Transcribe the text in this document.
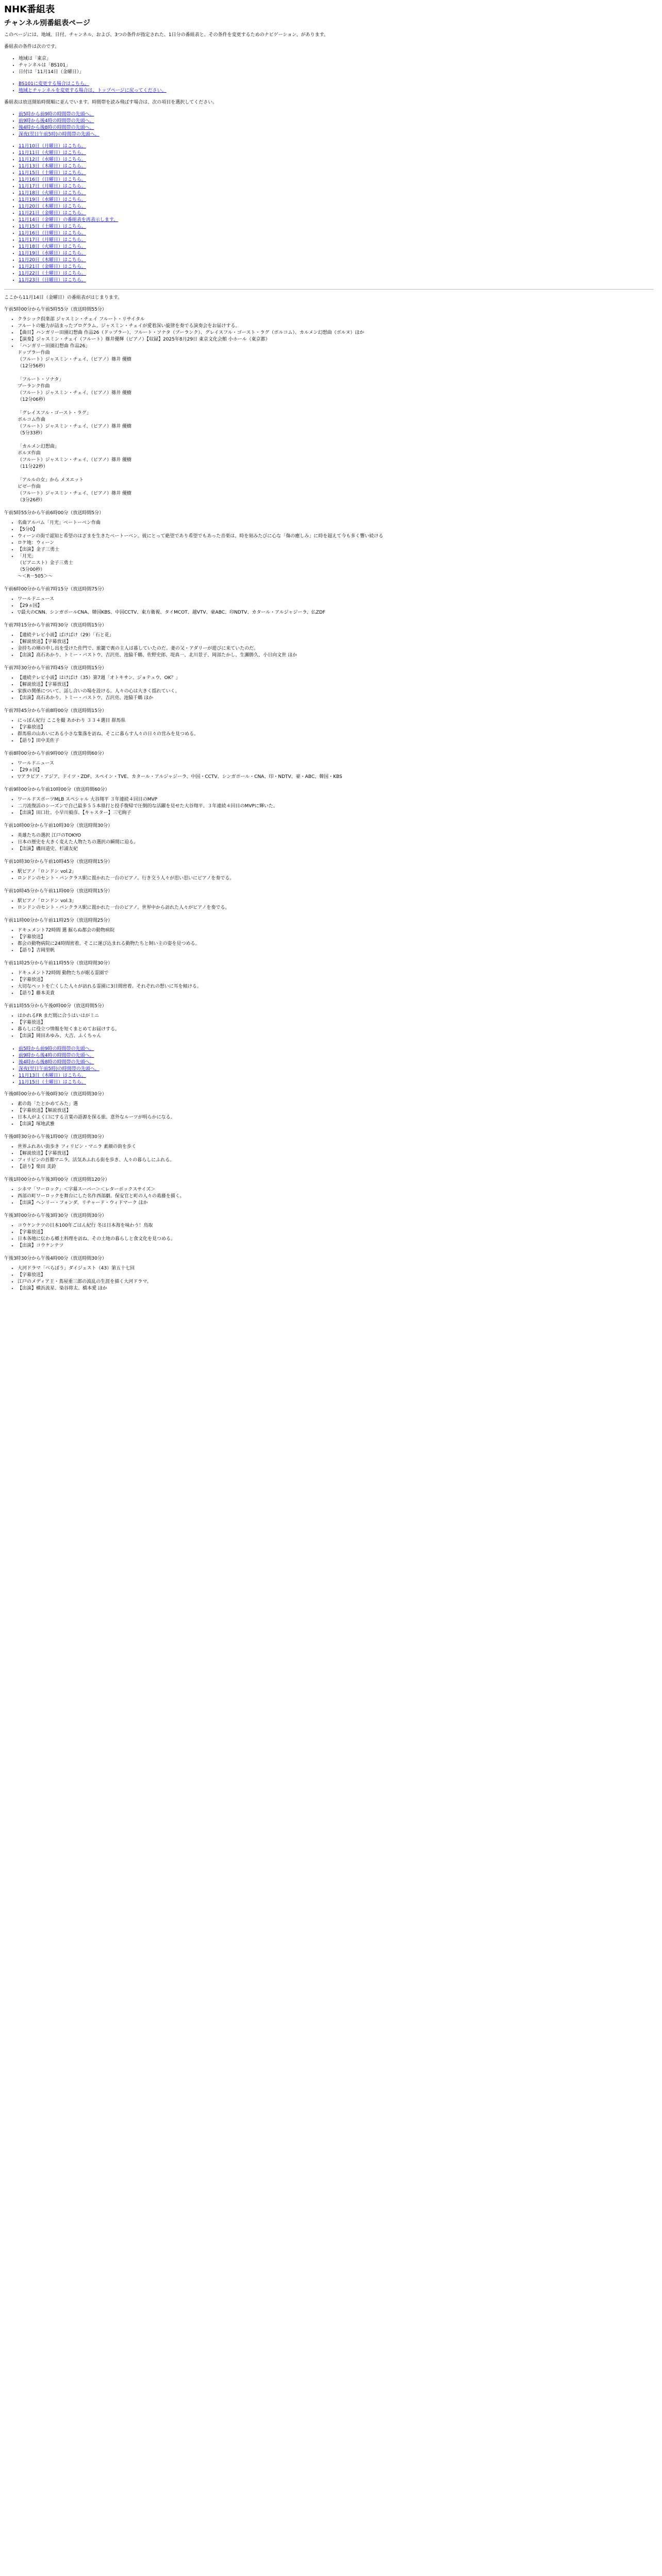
NHK番組表
チャンネル別番組表ページ

このページには、地域、日付、チャンネル、および、3つの条件が指定された、1日分の番組表と、その条件を変更するためのナビゲーション、があります。

番組表の条件は次のです。

• 地域は「東京」
• チャンネルは「BS101」
• 日付は「11月14日（金曜日）」
• BS101に変更する場合はこちら。
• 地域とチャンネルを変更する場合は、トップページに戻ってください。

番組表は放送開始時間順に並んでいます。時間帯を読み飛ばす場合は、次の項目を選択してください。

• 前5時から前9時の時間帯の先頭へ。
• 前9時から後4時の時間帯の先頭へ。
• 後4時から後8時の時間帯の先頭へ。
• 深夜(翌日午前5時)の時間帯の先頭へ。
• 11月10日（月曜日）はこちら。
• 11月11日（火曜日）はこちら。
• 11月12日（水曜日）はこちら。
• 11月13日（木曜日）はこちら。
• 11月15日（土曜日）はこちら。
• 11月16日（日曜日）はこちら。
• 11月17日（月曜日）はこちら。
• 11月18日（火曜日）はこちら。
• 11月19日（水曜日）はこちら。
• 11月20日（木曜日）はこちら。
• 11月21日（金曜日）はこちら。
• 11月14日（金曜日）の番組表を再表示します。
• 11月15日（土曜日）はこちら。
• 11月16日（日曜日）はこちら。
• 11月17日（月曜日）はこちら。
• 11月18日（火曜日）はこちら。
• 11月19日（水曜日）はこちら。
• 11月20日（木曜日）はこちら。
• 11月21日（金曜日）はこちら。
• 11月22日（土曜日）はこちら。
• 11月23日（日曜日）はこちら。

ここから11月14日（金曜日）の番組表がはじまります。

午前5時00分から午前5時55分（放送時間55分）
• クラシック倶楽部 ジャスミン・チェイ フルート・リサイタル
• フルートの魅力が詰まったプログラム。ジャスミン・チェイが愛着深い旋律を奏でる演奏会をお届けする。
• 【曲目】ハンガリー田園幻想曲 作品26（ドップラー）、フルート・ソナタ（プーランク）、グレイスフル・ゴースト・ラグ（ボルコム）、カルメン幻想曲（ボルヌ）ほか
• 【演奏】ジャスミン・チェイ（フルート）篠井優輝（ピアノ）【収録】2025年8月29日 東京文化会館 小ホール（東京都）
• 「ハンガリー田園幻想曲 作品26」
ドップラー作曲
（フルート）ジャスミン・チェイ、（ピアノ）篠井 優樹
（12分56秒）

「フルート・ソナタ」
プーランク作曲
（フルート）ジャスミン・チェイ、（ピアノ）篠井 優樹
（12分06秒）

「グレイスフル・ゴースト・ラグ」
ボルコム作曲
（フルート）ジャスミン・チェイ、（ピアノ）篠井 優樹
（5分33秒）

「カルメン幻想曲」
ボルヌ作曲
（フルート）ジャスミン・チェイ、（ピアノ）篠井 優樹
（11分22秒）

「アルルの女」から メヌエット
ビゼー作曲
（フルート）ジャスミン・チェイ、（ピアノ）篠井 優樹
（3分26秒）
午前5時55分から午前6時00分（放送時間5分）
• 名曲アルバム「月光」ベートーベン作曲
• 【5分0】
• ウィーンの街で認知と希望のはざまを生きたベートーベン。彼にとって絶望であり希望でもあった音楽は、時を刻みたびに心な「傷の癒しみ」に時を超えて今も多く響い続ける
• ロケ地：ウィーン
• 【出演】金子三勇士
• 「月光」
（ピアニスト）金子三勇士
（5分00秒）
～＜R－505＞～
午前6時00分から午前7時15分（放送時間75分）
• ワールドニュース
• 【29ヵ国】
• ▽最大のCNN、シンガポールCNA、韓国KBS、中国CCTV、東方衛視、タイMCOT、越VTV、豪ABC、印NDTV、カタール・アルジャジーラ、仏ZDF
午前7時15分から午前7時30分（放送時間15分）
• 【連続テレビ小説】ばけばけ（29）「石と花」
• 【解説放送】【字幕放送】
• 金持ちの婿の申し出を受けた佐門で、旅籠で喪の主人は暮していたのだ。妻の父・アダリーが遊びに来ていたのだ。
• 【出演】高石あかり、トミー・バストウ、吉沢亮、池脇千鶴、佐野史郎、堤真一、北川景子、岡部たかし、生瀬勝久、小日向文世 ほか
午前7時30分から午前7時45分（放送時間15分）
• 【連続テレビ小説】はけばけ（35）第7週「オトキサン、ジョテュウ、OK？」
• 【解説放送】【字幕放送】
• 家族の関係について、話し合いの場を設ける。人々の心は大きく揺れていく。
• 【出演】高石あかり、トミー・バストウ、吉沢亮、池脇千鶴 ほか
午前7時45分から午前8時00分（放送時間15分）
• にっぽん紀行 ここを撮 あかわり ３３４選目 群馬県
• 【字幕放送】
• 群馬県の山あいにある小さな集落を訪ね、そこに暮らす人々の日々の営みを見つめる。
• 【語り】田中美佐子
午前8時00分から午前9時00分（放送時間60分）
• ワールドニュース
• 【29ヵ国】
• ▽アラビア・アジア、ドイツ・ZDF、スペイン・TVE、カタール・アルジャジーラ、中国・CCTV、シンガポール・CNA、印・NDTV、豪・ABC、韓国・KBS
午前9時00分から午前10時00分（放送時間60分）
• ワールドスポーツMLB スペシャル 大谷翔平 ３年連続４回目のMVP
• 二刀流復活のシーズンで自己最多５５本塁打と投手復帰で圧倒的な活躍を見せた大谷翔平。３年連続４回目のMVPに輝いた。
• 【出演】田口壮、小早川毅彦、【キャスター】三宅絢子
午前10時00分から午前10時30分（放送時間30分）
• 英雄たちの選択 江戸のTOKYO
• 日本の歴史を大きく変えた人物たちの選択の瞬間に迫る。
• 【出演】磯田道史、杉浦友紀
午前10時30分から午前10時45分（放送時間15分）
• 駅ピアノ「ロンドン vol.2」
• ロンドンのセント・パンクラス駅に置かれた一台のピアノ。行き交う人々が思い思いにピアノを奏でる。
午前10時45分から午前11時00分（放送時間15分）
• 駅ピアノ「ロンドン vol.3」
• ロンドンのセント・パンクラス駅に置かれた一台のピアノ。世界中から訪れた人々がピアノを奏でる。
午前11時00分から午前11時25分（放送時間25分）
• ドキュメント72時間 選 掘らぬ都会の動物病院
• 【字幕放送】
• 都会の動物病院に24時間密着。そこに運び込まれる動物たちと飼い主の姿を見つめる。
• 【語り】吉岡里帆
午前11時25分から午前11時55分（放送時間30分）
• ドキュメント72時間 動物たちが眠る霊園で
• 【字幕放送】
• 大切なペットを亡くした人々が訪れる霊園に3日間密着。それぞれの想いに耳を傾ける。
• 【語り】藤本美貴
午前11時55分から午後0時00分（放送時間5分）
• はかれるFR まだ間に合うはいはがミニ
• 【字幕放送】
• 暮らしに役立つ情報を短くまとめてお届けする。
• 【出演】岡田あゆみ、大吉、ふくちゃん
• 前5時から前9時の時間帯の先頭へ。
• 前9時から後4時の時間帯の先頭へ。
• 後4時から後8時の時間帯の先頭へ。
• 深夜(翌日午前5時)の時間帯の先頭へ。
• 11月13日（木曜日）はこちら。
• 11月15日（土曜日）はこちら。
午後0時00分から午後0時30分（放送時間30分）
• 素の島「たとかめてみた」選
• 【字幕放送】【解説放送】
• 日本人がよく口にする言葉の語源を探る旅。意外なルーツが明らかになる。
• 【出演】塚地武雅
午後0時30分から午後1時00分（放送時間30分）
• 世界ふれあい街歩き フィリピン・マニラ 素顔の街を歩く
• 【解説放送】【字幕放送】
• フィリピンの首都マニラ。活気あふれる街を歩き、人々の暮らしにふれる。
• 【語り】柴田 美鈴
午後1時00分から午後3時00分（放送時間120分）
• シネマ「ワーロック」＜字幕スーパー＞＜レターボックスサイズ＞
• 西部の町ワーロックを舞台にした名作西部劇。保安官と町の人々の葛藤を描く。
• 【出演】ヘンリー・フォンダ、リチャード・ウィドマーク ほか
午後3時00分から午後3時30分（放送時間30分）
• コウケンテツの日本100年ごはん紀行 冬は日本海を味わう！鳥取
• 【字幕放送】
• 日本各地に伝わる郷土料理を訪ね、その土地の暮らしと食文化を見つめる。
• 【出演】コウケンテツ
午後3時30分から午後4時00分（放送時間30分）
• 大河ドラマ「べらぼう」ダイジェスト（43）第五十七回
• 【字幕放送】
• 江戸のメディア王・蔦屋重三郎の波乱の生涯を描く大河ドラマ。
• 【出演】横浜流星、染谷将太、橋本愛 ほか
